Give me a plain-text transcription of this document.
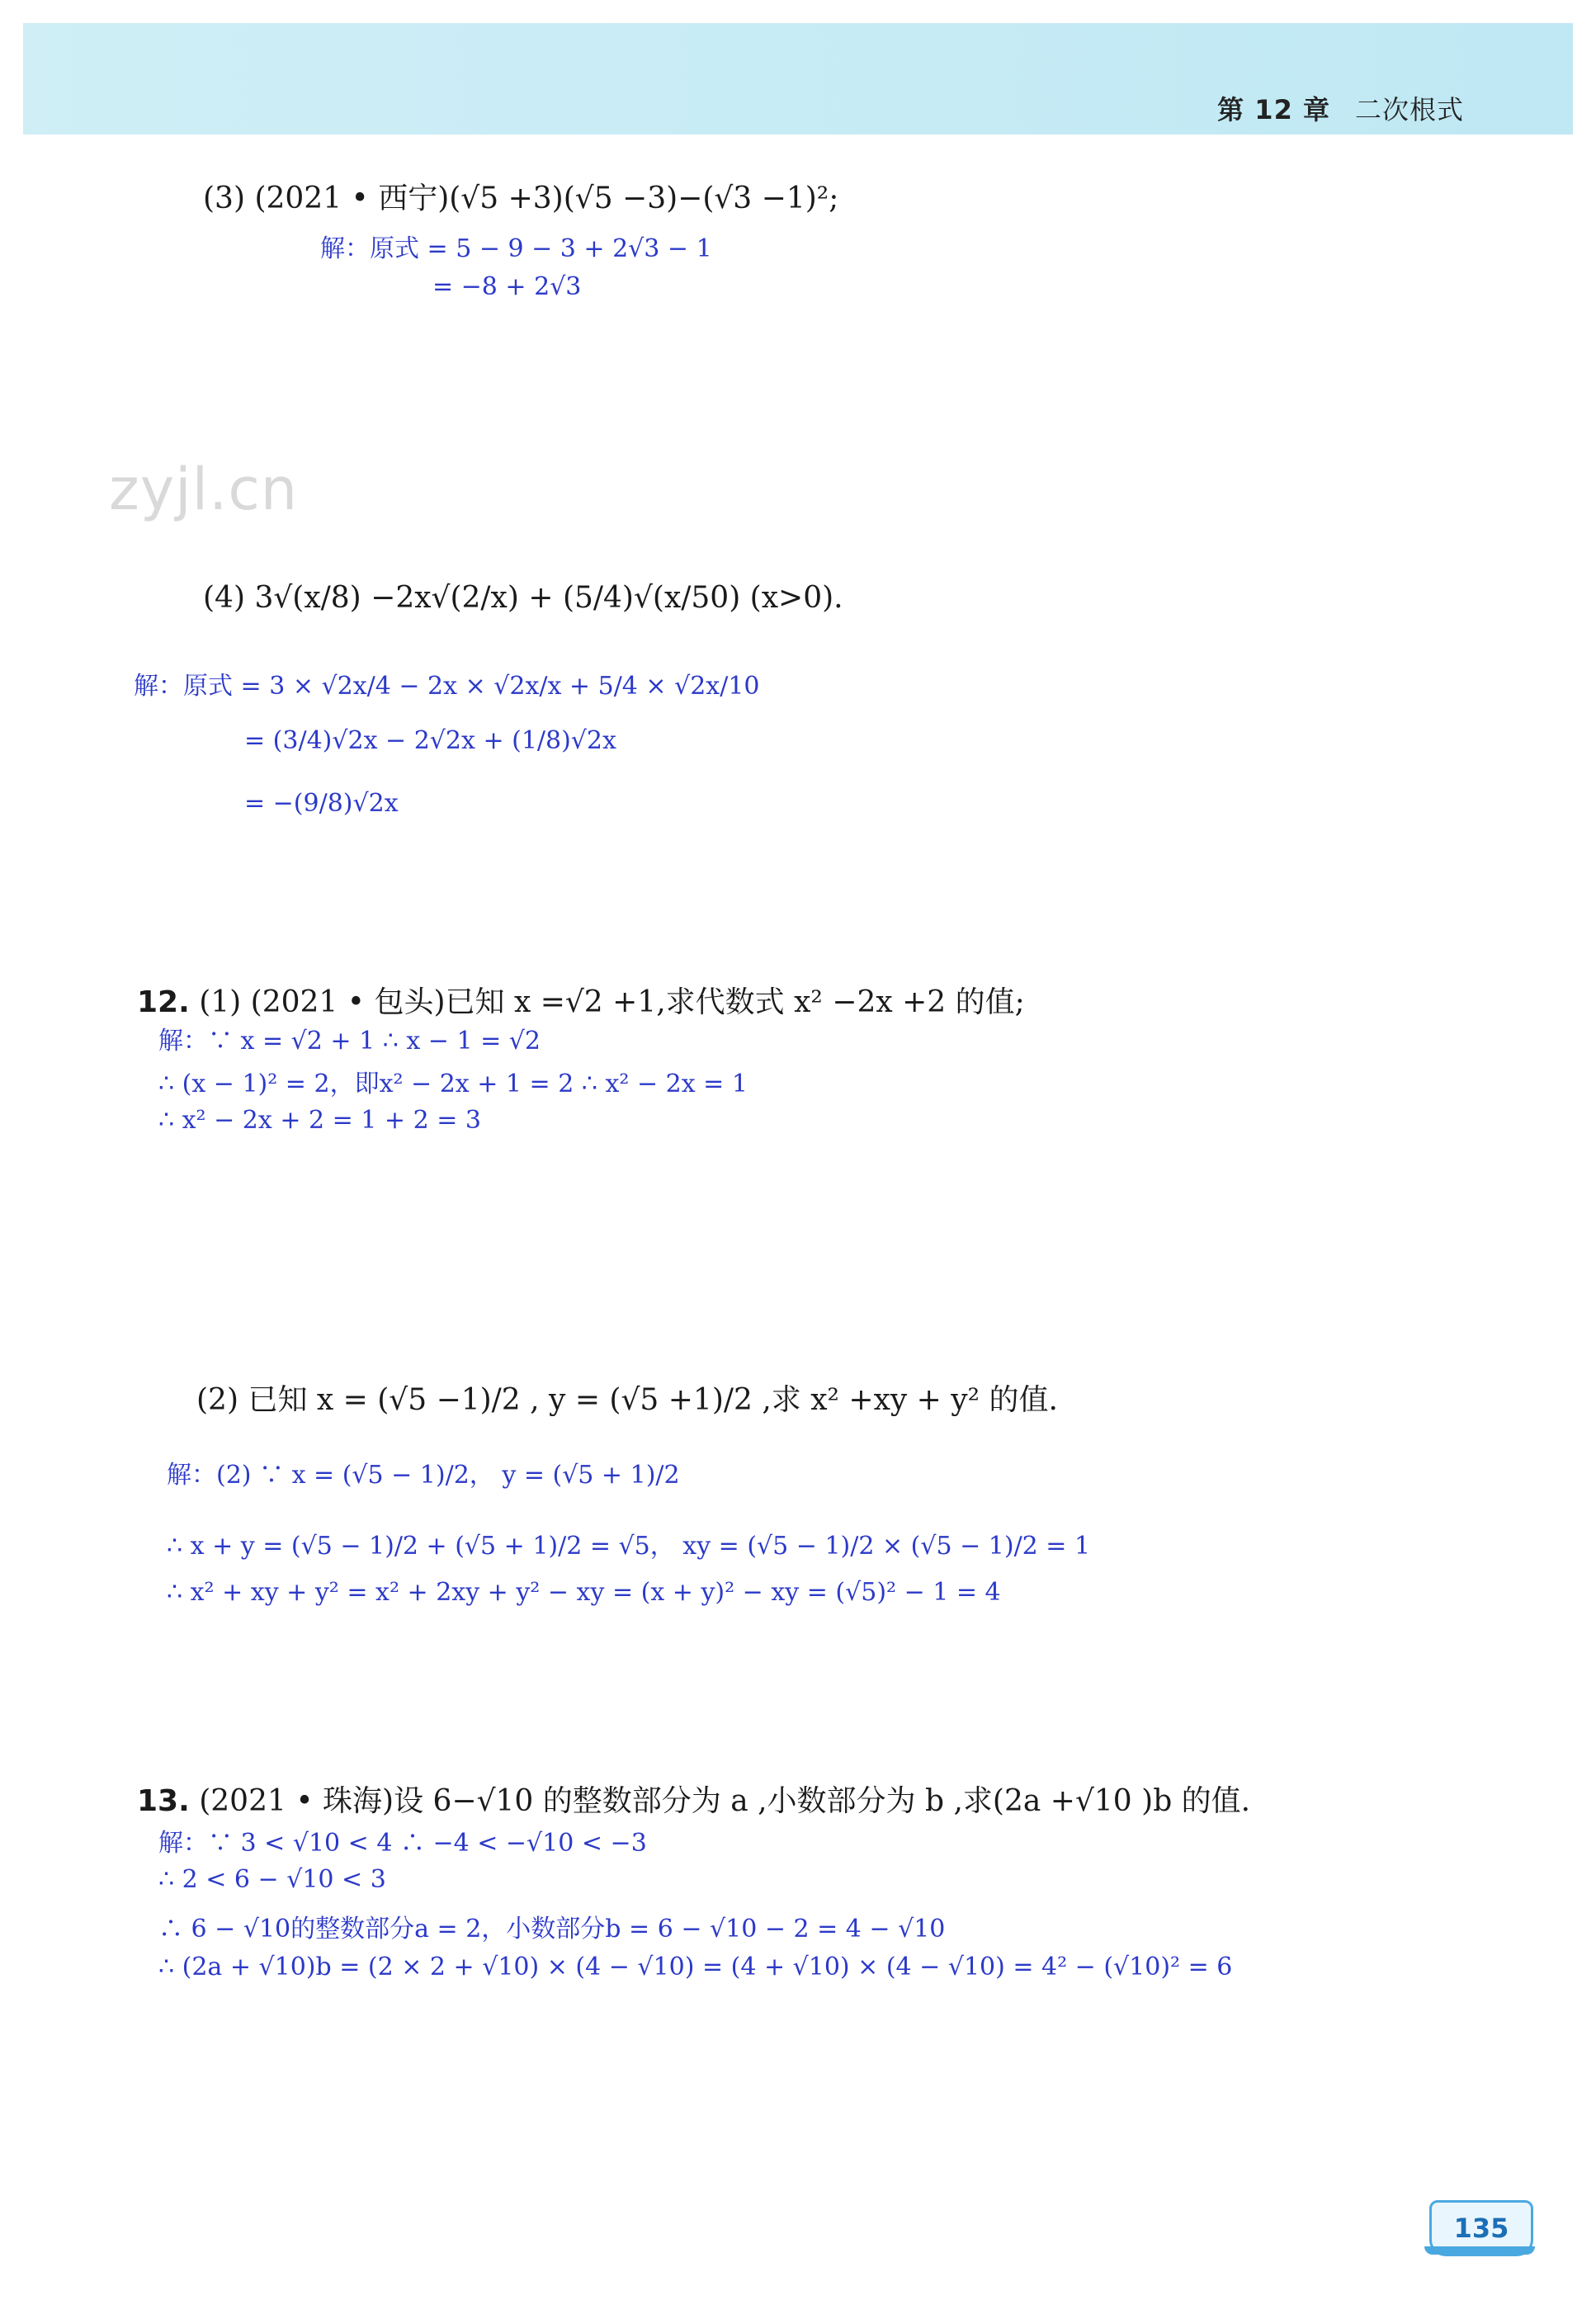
第 12 章 二次根式
(3) (2021 • 西宁)(√5 +3)(√5 −3)−(√3 −1)²;
解：原式 = 5 − 9 − 3 + 2√3 − 1
= −8 + 2√3
zyjl.cn
(4) 3√(x/8) −2x√(2/x) + (5/4)√(x/50) (x>0).
解：原式 = 3 × √2x/4 − 2x × √2x/x + 5/4 × √2x/10
= (3/4)√2x − 2√2x + (1/8)√2x
= −(9/8)√2x
12. (1) (2021 • 包头)已知 x =√2 +1,求代数式 x² −2x +2 的值;
解：∵ x = √2 + 1 ∴ x − 1 = √2
∴ (x − 1)² = 2，即x² − 2x + 1 = 2 ∴ x² − 2x = 1
∴ x² − 2x + 2 = 1 + 2 = 3
(2) 已知 x = (√5 −1)/2 , y = (√5 +1)/2 ,求 x² +xy + y² 的值.
解：(2) ∵ x = (√5 − 1)/2， y = (√5 + 1)/2
∴ x + y = (√5 − 1)/2 + (√5 + 1)/2 = √5， xy = (√5 − 1)/2 × (√5 − 1)/2 = 1
∴ x² + xy + y² = x² + 2xy + y² − xy = (x + y)² − xy = (√5)² − 1 = 4
13. (2021 • 珠海)设 6−√10 的整数部分为 a ,小数部分为 b ,求(2a +√10 )b 的值.
解：∵ 3 < √10 < 4 ∴ −4 < −√10 < −3
∴ 2 < 6 − √10 < 3
∴ 6 − √10的整数部分a = 2，小数部分b = 6 − √10 − 2 = 4 − √10
∴ (2a + √10)b = (2 × 2 + √10) × (4 − √10) = (4 + √10) × (4 − √10) = 4² − (√10)² = 6
135
